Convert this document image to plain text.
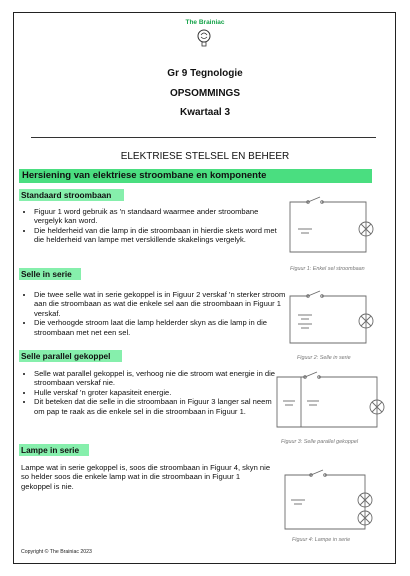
The Brainiac
Gr 9 Tegnologie
OPSOMMINGS
Kwartaal 3
ELEKTRIESE STELSEL EN BEHEER
Hersiening van elektriese stroombane en komponente
Standaard stroombaan
• Figuur 1 word gebruik as 'n standaard waarmee ander stroombane vergelyk kan word.
• Die helderheid van die lamp in die stroombaan in hierdie skets word met die helderheid van lampe met verskillende skakelings vergelyk.
Figuur 1: Enkel sel stroombaan
Selle in serie
• Die twee selle wat in serie gekoppel is in Figuur 2 verskaf 'n sterker stroom aan die stroombaan as wat die enkele sel aan die stroombaan in Figuur 1 verskaf.
• Die verhoogde stroom laat die lamp helderder skyn as die lamp in die stroombaan met net een sel.
Figuur 2: Selle in serie
Selle parallel gekoppel
• Selle wat parallel gekoppel is, verhoog nie die stroom wat energie in die stroombaan verskaf nie.
• Hulle verskaf 'n groter kapasiteit energie.
• Dit beteken dat die selle in die stroombaan in Figuur 3 langer sal neem om pap te raak as die enkele sel in die stroombaan in Figuur 1.
Figuur 3: Selle parallel gekoppel
Lampe in serie

Lampe wat in serie gekoppel is, soos die stroombaan in Figuur 4, skyn nie so helder soos die enkele lamp wat in die stroombaan in Figuur 1 gekoppel is nie.

Figuur 4: Lampe in serie
Copyright © The Brainiac 2023
